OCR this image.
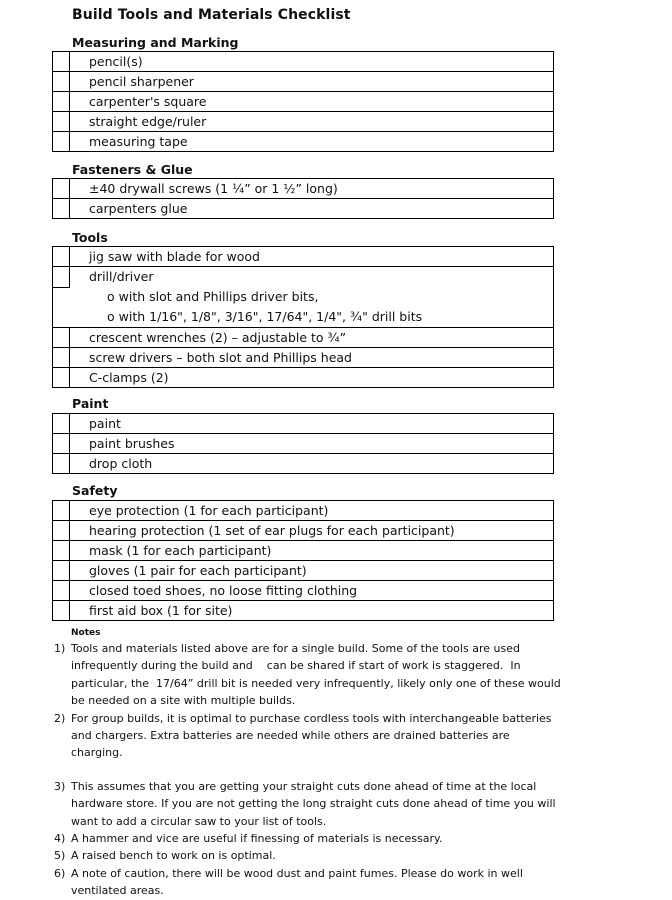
Build Tools and Materials Checklist
Measuring and Marking
pencil(s)
pencil sharpener
carpenter's square
straight edge/ruler
measuring tape
Fasteners & Glue
±40 drywall screws (1 ¼” or 1 ½” long)
carpenters glue
Tools
jig saw with blade for wood
drill/driver
o with slot and Phillips driver bits,
o with 1/16", 1/8", 3/16", 17/64", 1/4", ¾" drill bits
crescent wrenches (2) – adjustable to ¾”
screw drivers – both slot and Phillips head
C-clamps (2)
Paint
paint
paint brushes
drop cloth
Safety
eye protection (1 for each participant)
hearing protection (1 set of ear plugs for each participant)
mask (1 for each participant)
gloves (1 pair for each participant)
closed toed shoes, no loose fitting clothing
first aid box (1 for site)
Notes
1) Tools and materials listed above are for a single build. Some of the tools are used
infrequently during the build and    can be shared if start of work is staggered.  In
particular, the  17/64” drill bit is needed very infrequently, likely only one of these would
be needed on a site with multiple builds.
2) For group builds, it is optimal to purchase cordless tools with interchangeable batteries
and chargers. Extra batteries are needed while others are drained batteries are charging.
3) This assumes that you are getting your straight cuts done ahead of time at the local
hardware store. If you are not getting the long straight cuts done ahead of time you will
want to add a circular saw to your list of tools.
4) A hammer and vice are useful if finessing of materials is necessary.
5) A raised bench to work on is optimal.
6) A note of caution, there will be wood dust and paint fumes. Please do work in well
ventilated areas.
